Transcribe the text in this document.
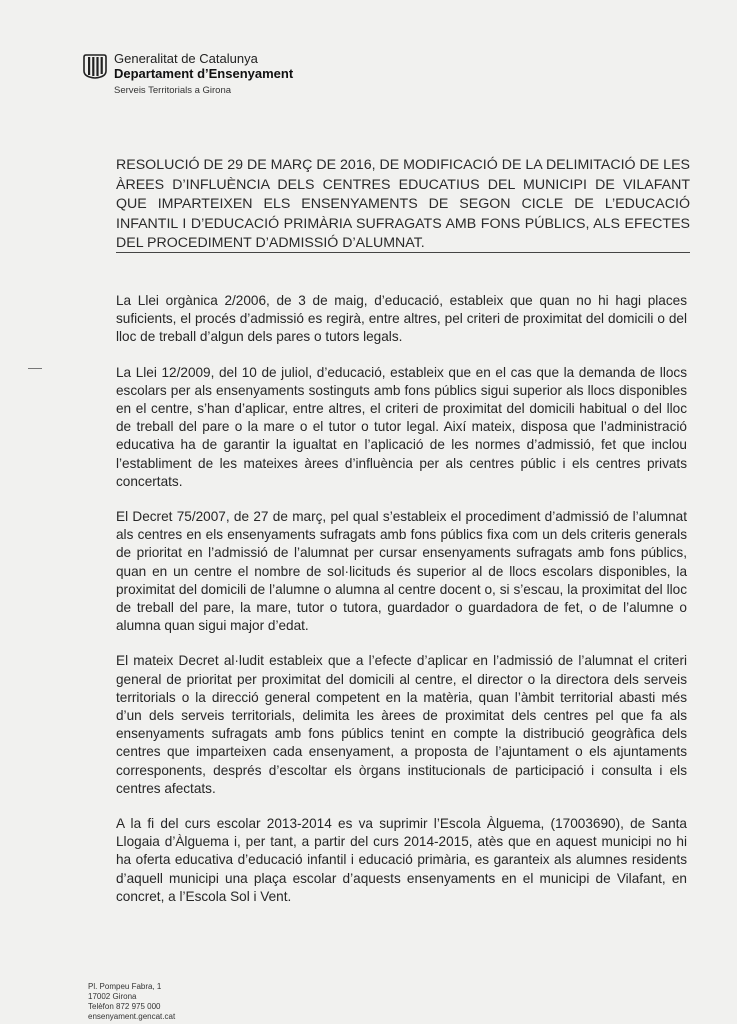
Generalitat de Catalunya
Departament d’Ensenyament
Serveis Territorials a Girona
RESOLUCIÓ DE 29 DE MARÇ DE 2016, DE MODIFICACIÓ DE LA DELIMITACIÓ DE LES ÀREES D’INFLUÈNCIA DELS CENTRES EDUCATIUS DEL MUNICIPI DE VILAFANT QUE IMPARTEIXEN ELS ENSENYAMENTS DE SEGON CICLE DE L’EDUCACIÓ INFANTIL I D’EDUCACIÓ PRIMÀRIA SUFRAGATS AMB FONS PÚBLICS, ALS EFECTES DEL PROCEDIMENT D’ADMISSIÓ D’ALUMNAT.

La Llei orgànica 2/2006, de 3 de maig, d’educació, estableix que quan no hi hagi places suficients, el procés d’admissió es regirà, entre altres, pel criteri de proximitat del domicili o del lloc de treball d’algun dels pares o tutors legals.

La Llei 12/2009, del 10 de juliol, d’educació, estableix que en el cas que la demanda de llocs escolars per als ensenyaments sostinguts amb fons públics sigui superior als llocs disponibles en el centre, s’han d’aplicar, entre altres, el criteri de proximitat del domicili habitual o del lloc de treball del pare o la mare o el tutor o tutor legal. Així mateix, disposa que l’administració educativa ha de garantir la igualtat en l’aplicació de les normes d’admissió, fet que inclou l’establiment de les mateixes àrees d’influència per als centres públic i els centres privats concertats.

El Decret 75/2007, de 27 de març, pel qual s’estableix el procediment d’admissió de l’alumnat als centres en els ensenyaments sufragats amb fons públics fixa com un dels criteris generals de prioritat en l’admissió de l’alumnat per cursar ensenyaments sufragats amb fons públics, quan en un centre el nombre de sol·licituds és superior al de llocs escolars disponibles, la proximitat del domicili de l’alumne o alumna al centre docent o, si s’escau, la proximitat del lloc de treball del pare, la mare, tutor o tutora, guardador o guardadora de fet, o de l’alumne o alumna quan sigui major d’edat.

El mateix Decret al·ludit estableix que a l’efecte d’aplicar en l’admissió de l’alumnat el criteri general de prioritat per proximitat del domicili al centre, el director o la directora dels serveis territorials o la direcció general competent en la matèria, quan l’àmbit territorial abasti més d’un dels serveis territorials, delimita les àrees de proximitat dels centres pel que fa als ensenyaments sufragats amb fons públics tenint en compte la distribució geogràfica dels centres que imparteixen cada ensenyament, a proposta de l’ajuntament o els ajuntaments corresponents, després d’escoltar els òrgans institucionals de participació i consulta i els centres afectats.

A la fi del curs escolar 2013-2014 es va suprimir l’Escola Àlguema, (17003690), de Santa Llogaia d’Àlguema i, per tant, a partir del curs 2014-2015, atès que en aquest municipi no hi ha oferta educativa d’educació infantil i educació primària, es garanteix als alumnes residents d’aquell municipi una plaça escolar d’aquests ensenyaments en el municipi de Vilafant, en concret, a l’Escola Sol i Vent.

Pl. Pompeu Fabra, 1
17002 Girona
Telèfon 872 975 000
ensenyament.gencat.cat
